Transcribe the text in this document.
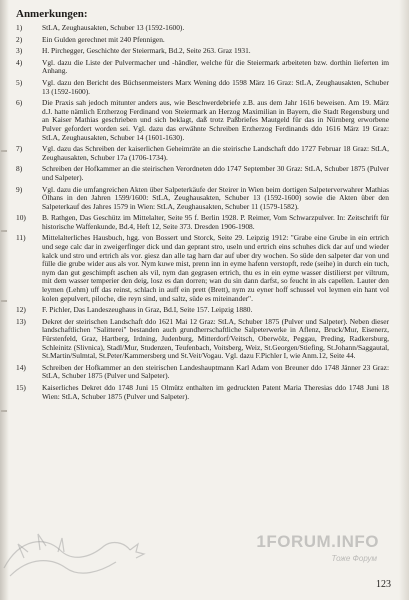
Anmerkungen:
1)	StLA, Zeughausakten, Schuber 13 (1592-1600).
2)	Ein Gulden gerechnet mit 240 Pfennigen.
3)	H. Pirchegger, Geschichte der Steiermark, Bd.2, Seite 263. Graz 1931.
4)	Vgl. dazu die Liste der Pulvermacher und -händler, welche für die Steiermark arbeiteten bzw. dorthin lieferten im Anhang.
5)	Vgl. dazu den Bericht des Büchsenmeisters Marx Wening ddo 1598 März 16 Graz: StLA, Zeughausakten, Schuber 13 (1592-1600).
6)	Die Praxis sah jedoch mitunter anders aus, wie Beschwerdebriefe z.B. aus dem Jahr 1616 beweisen. Am 19. März d.J. hatte nämlich Erzherzog Ferdinand von Steiermark an Herzog Maximilian in Bayern, die Stadt Regensburg und an Kaiser Mathias geschrieben und sich beklagt, daß trotz Paßbriefes Mautgeld für das in Nürnberg erworbene Pulver gefordert worden sei. Vgl. dazu das erwähnte Schreiben Erzherzog Ferdinands ddo 1616 März 19 Graz: StLA, Zeughausakten, Schuber 14 (1601-1630).
7)	Vgl. dazu das Schreiben der kaiserlichen Geheimräte an die steirische Landschaft ddo 1727 Februar 18 Graz: StLA, Zeughausakten, Schuber 17a (1706-1734).
8)	Schreiben der Hofkammer an die steirischen Verordneten ddo 1747 September 30 Graz: StLA, Schuber 1875 (Pulver und Salpeter).
9)	Vgl. dazu die umfangreichen Akten über Salpeterkäufe der Steirer in Wien beim dortigen Salpeterverwahrer Mathias Ölhans in den Jahren 1599/1600: StLA, Zeughausakten, Schuber 13 (1592-1600) sowie die Akten über den Salpeterkauf des Jahres 1579 in Wien: StLA, Zeughausakten, Schuber 11 (1579-1582).
10)	B. Rathgen, Das Geschütz im Mittelalter, Seite 95 f. Berlin 1928. P. Reimer, Vom Schwarzpulver. In: Zeitschrift für historische Waffenkunde, Bd.4, Heft 12, Seite 373. Dresden 1906-1908.
11)	Mittelalterliches Hausbuch, hgg. von Bossert und Storck, Seite 29. Leipzig 1912: "Grabe eine Grube in ein ertrich und sege calc dar in zweigerfinger dick und dan geprant stro, useln und ertrich eins schuhes dick dar auf und wieder kalck und stro und ertrich als vor. giesz dan alle tag harn dar auf uber dry wochen. So süde den salpeter dar von und fülle die grube wider aus als vor. Nym kuwe mist, prenn inn in eyme hafenn verstopft, rede (seihe) in durch ein tuch, nym dan gut geschimpft aschen als vil, nym dan gegrasen ertrich, thu es in ein eyme wasser distilierst per viltrum, mit dem wasser temperier den deig, losz es dan dorren; wan du sin dann darfst, so feucht in als capellen. Lauter den leymen (Lehm) uff das reinst, schlach in auff ein prett (Brett), nym zu eyner hoff schussel vol leymen ein hant vol kolen gepulvert, piloche, die reyn sind, und saltz, süde es miteinander".
12)	F. Pichler, Das Landeszeughaus in Graz, Bd.I, Seite 157. Leipzig 1880.
13)	Dekret der steirischen Landschaft ddo 1621 Mai 12 Graz: StLA, Schuber 1875 (Pulver und Salpeter). Neben dieser landschaftlichen "Salitterei" bestanden auch grundherrschaftliche Salpeterwerke in Aflenz, Bruck/Mur, Eisenerz, Fürstenfeld, Graz, Hartberg, Irdning, Judenburg, Mitterdorf/Veitsch, Oberwölz, Peggau, Preding, Radkersburg, Schleinitz (Slivnica), Stadl/Mur, Studenzen, Teufenbach, Voitsberg, Weiz, St.Georgen/Stiefing, St.Johann/Saggautal, St.Martin/Sulmtal, St.Peter/Kammersberg und St.Veit/Vogau. Vgl. dazu F.Pichler I, wie Anm.12, Seite 44.
14)	Schreiben der Hofkammer an den steirischen Landeshauptmann Karl Adam von Breuner ddo 1748 Jänner 23 Graz: StLA, Schuber 1875 (Pulver und Salpeter).
15)	Kaiserliches Dekret ddo 1748 Juni 15 Olmütz enthalten im gedruckten Patent Maria Theresias ddo 1748 Juni 18 Wien: StLA, Schuber 1875 (Pulver und Salpeter).
1FORUM.INFO
Тоже Форум
123
